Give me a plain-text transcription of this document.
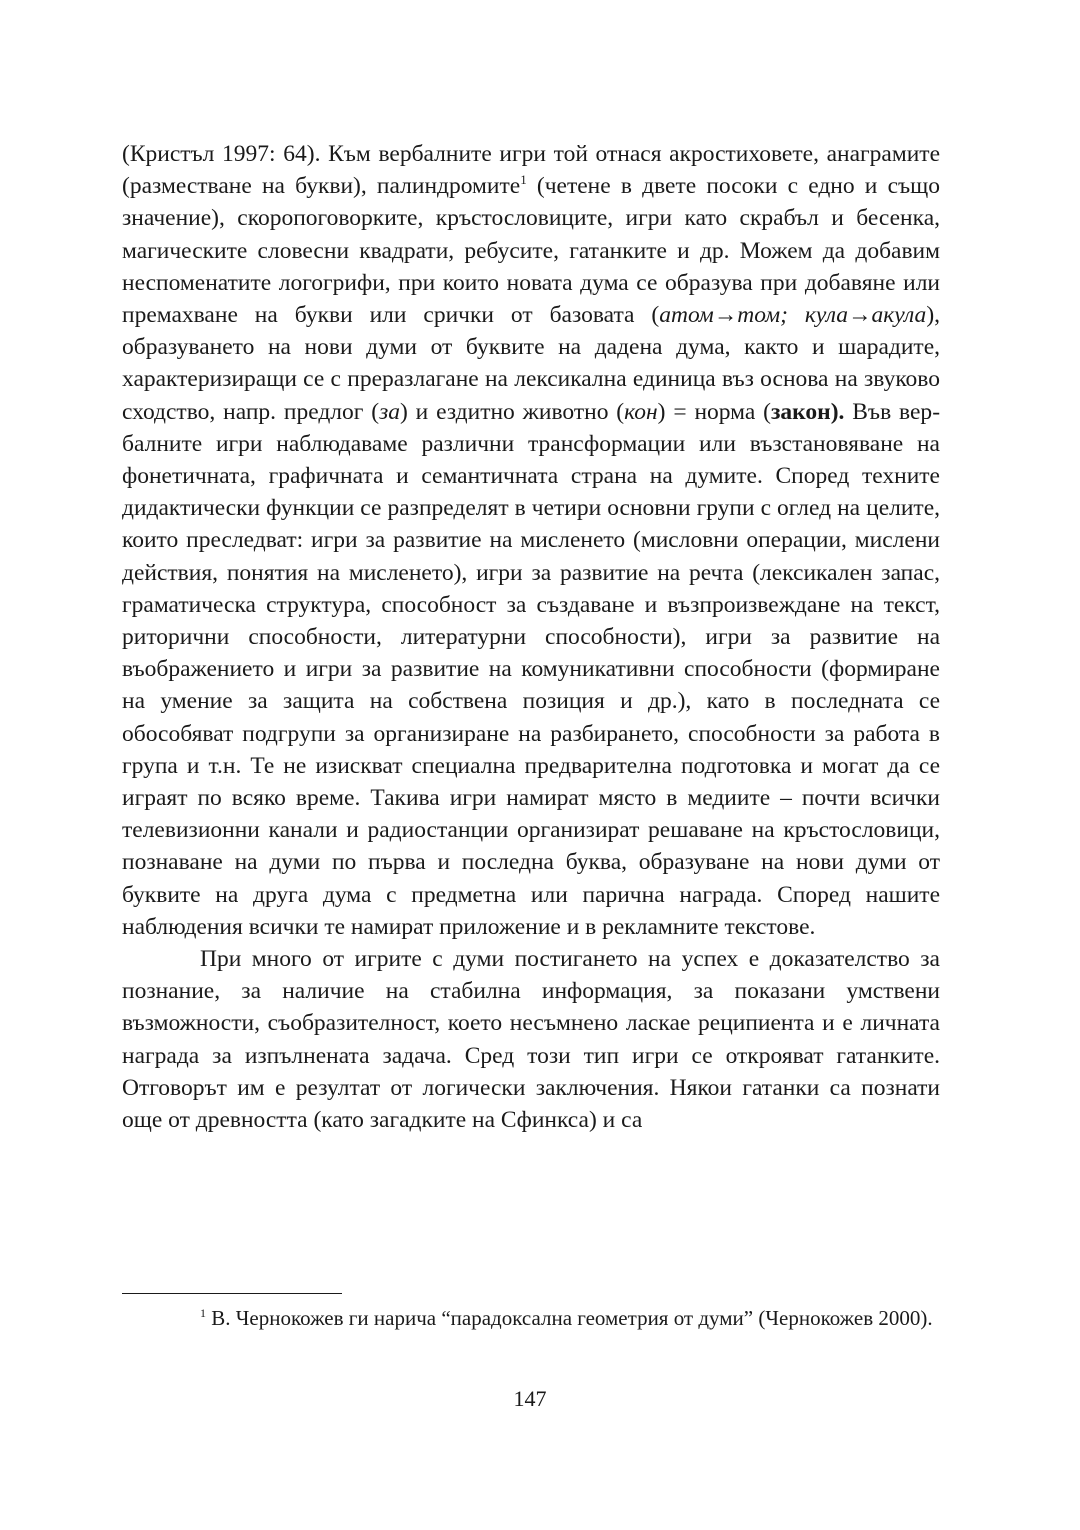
(Кристъл 1997: 64). Към вербалните игри той отнася акростиховете, анаграмите (разместване на букви), палиндромите$^1$ (четене в двете посоки с едно и също значение), скоропоговорките, кръстословиците, игри като скрабъл и бесенка, магическите словесни квадрати, ребусите, гатанките и др. Можем да добавим неспоменатите логогрифи, при които новата дума се образува при добавяне или премахване на букви или срички от базовата (атом→том; кула→акула), образуването на нови думи от буквите на дадена дума, както и шарадите, характеризиращи се с преразлагане на лексикална единица въз основа на звуково сходство, напр. предлог (за) и ездитно животно (кон) = норма (закон). Във вербалните игри наблюдаваме различни трансформации или възстановяване на фонетичната, графичната и семантичната страна на думите. Според техните дидактически функции се разпределят в четири основни групи с оглед на целите, които преследват: игри за развитие на мисленето (мисловни операции, мислени действия, понятия на мисленето), игри за развитие на речта (лексикален запас, граматическа структура, способност за създаване и възпроизвеждане на текст, риторични способности, литературни способности), игри за развитие на въображението и игри за развитие на комуникативни способности (формиране на умение за защита на собствена позиция и др.), като в последната се обособяват подгрупи за организиране на разбирането, способности за работа в група и т.н. Те не изискват специална предварителна подготовка и могат да се играят по всяко време. Такива игри намират място в медиите – почти всички телевизионни канали и радиостанции организират решаване на кръстословици, познаване на думи по първа и последна буква, образуване на нови думи от буквите на друга дума с предметна или парична награда. Според нашите наблюдения всички те намират приложение и в рекламните текстове.

При много от игрите с думи постигането на успех е доказателство за познание, за наличие на стабилна информация, за показани умствени възможности, съобразителност, което несъмнено ласкае реципиента и е личната награда за изпълнената задача. Сред този тип игри се открояват гатанките. Отговорът им е резултат от логически заключения. Някои гатанки са познати още от древността (като загадките на Сфинкса) и са

$^1$ В. Чернокожев ги нарича “парадоксална геометрия от думи” (Чернокожев 2000).

147
